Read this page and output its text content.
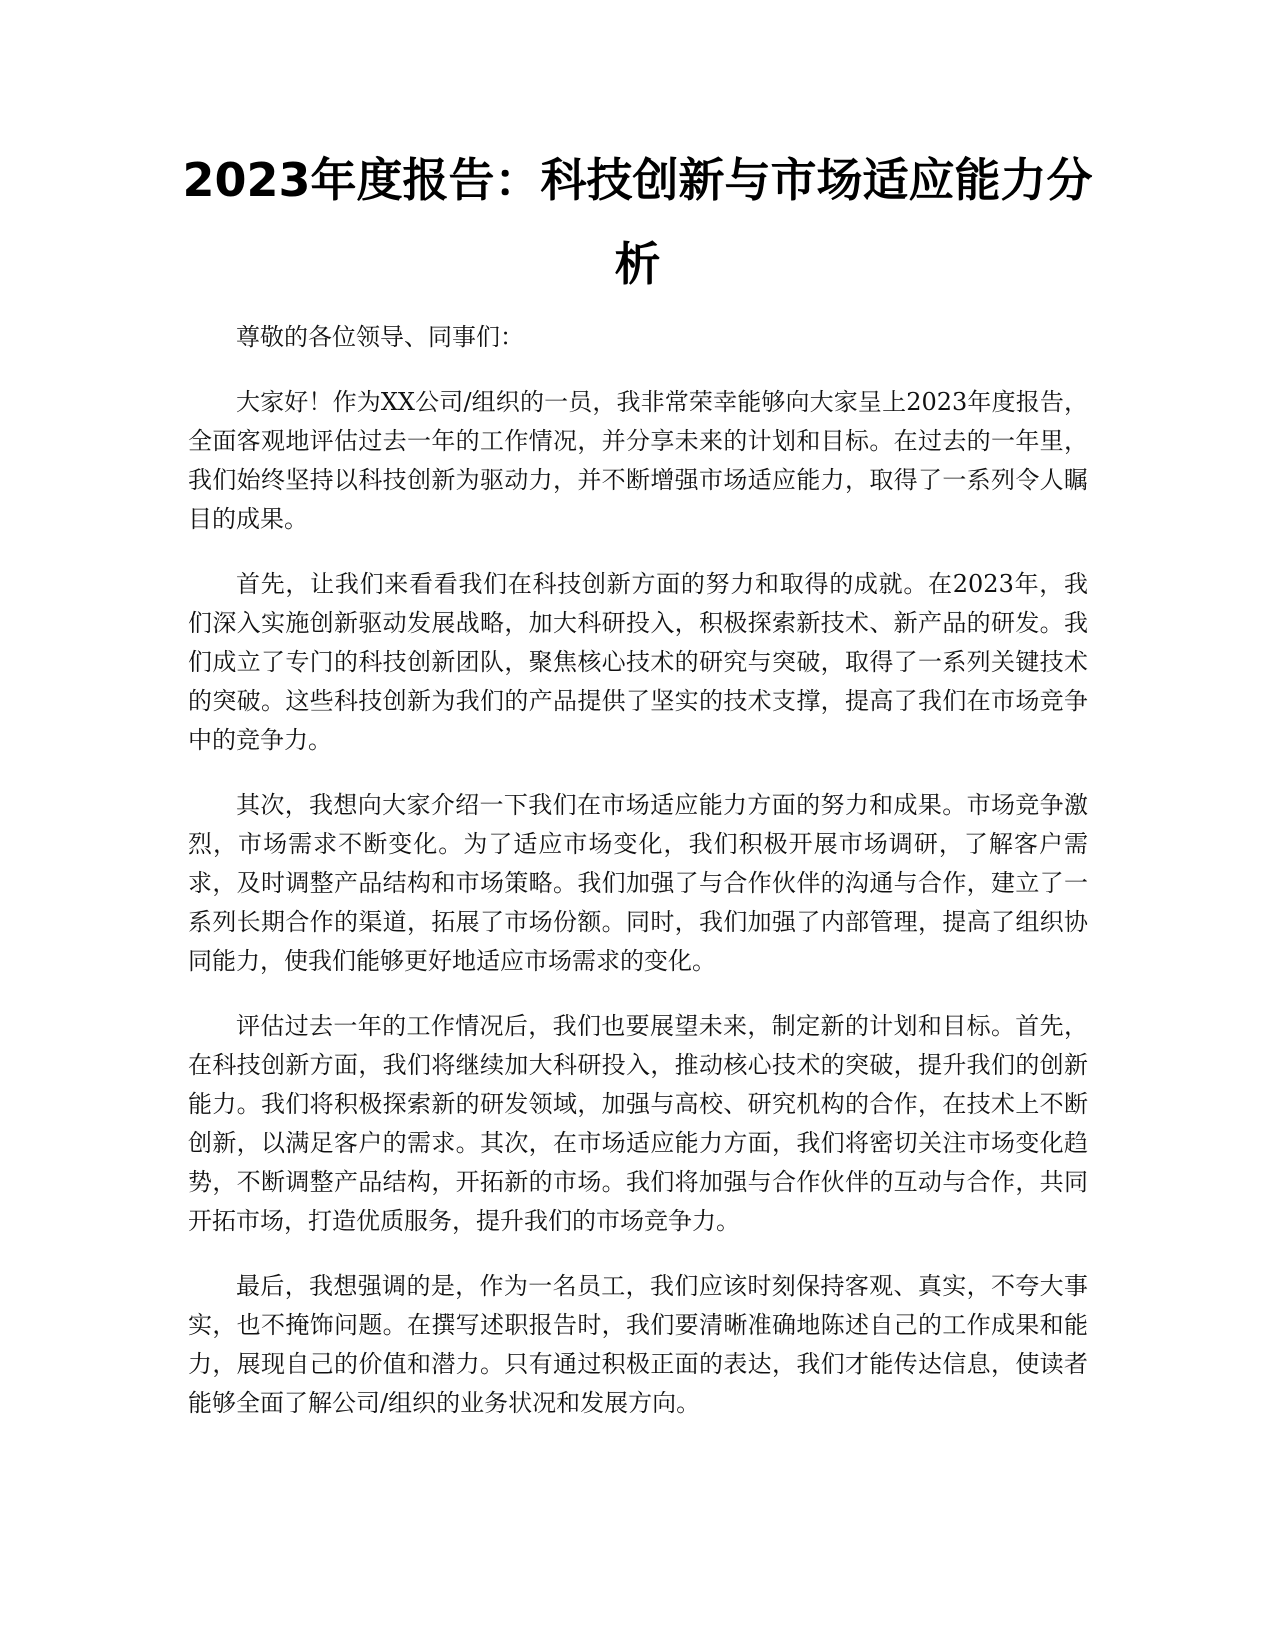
2023年度报告：科技创新与市场适应能力分析

尊敬的各位领导、同事们：

大家好！作为XX公司/组织的一员，我非常荣幸能够向大家呈上2023年度报告，全面客观地评估过去一年的工作情况，并分享未来的计划和目标。在过去的一年里，我们始终坚持以科技创新为驱动力，并不断增强市场适应能力，取得了一系列令人瞩目的成果。

首先，让我们来看看我们在科技创新方面的努力和取得的成就。在2023年，我们深入实施创新驱动发展战略，加大科研投入，积极探索新技术、新产品的研发。我们成立了专门的科技创新团队，聚焦核心技术的研究与突破，取得了一系列关键技术的突破。这些科技创新为我们的产品提供了坚实的技术支撑，提高了我们在市场竞争中的竞争力。

其次，我想向大家介绍一下我们在市场适应能力方面的努力和成果。市场竞争激烈，市场需求不断变化。为了适应市场变化，我们积极开展市场调研，了解客户需求，及时调整产品结构和市场策略。我们加强了与合作伙伴的沟通与合作，建立了一系列长期合作的渠道，拓展了市场份额。同时，我们加强了内部管理，提高了组织协同能力，使我们能够更好地适应市场需求的变化。

评估过去一年的工作情况后，我们也要展望未来，制定新的计划和目标。首先，在科技创新方面，我们将继续加大科研投入，推动核心技术的突破，提升我们的创新能力。我们将积极探索新的研发领域，加强与高校、研究机构的合作，在技术上不断创新，以满足客户的需求。其次，在市场适应能力方面，我们将密切关注市场变化趋势，不断调整产品结构，开拓新的市场。我们将加强与合作伙伴的互动与合作，共同开拓市场，打造优质服务，提升我们的市场竞争力。

最后，我想强调的是，作为一名员工，我们应该时刻保持客观、真实，不夸大事实，也不掩饰问题。在撰写述职报告时，我们要清晰准确地陈述自己的工作成果和能力，展现自己的价值和潜力。只有通过积极正面的表达，我们才能传达信息，使读者能够全面了解公司/组织的业务状况和发展方向。
